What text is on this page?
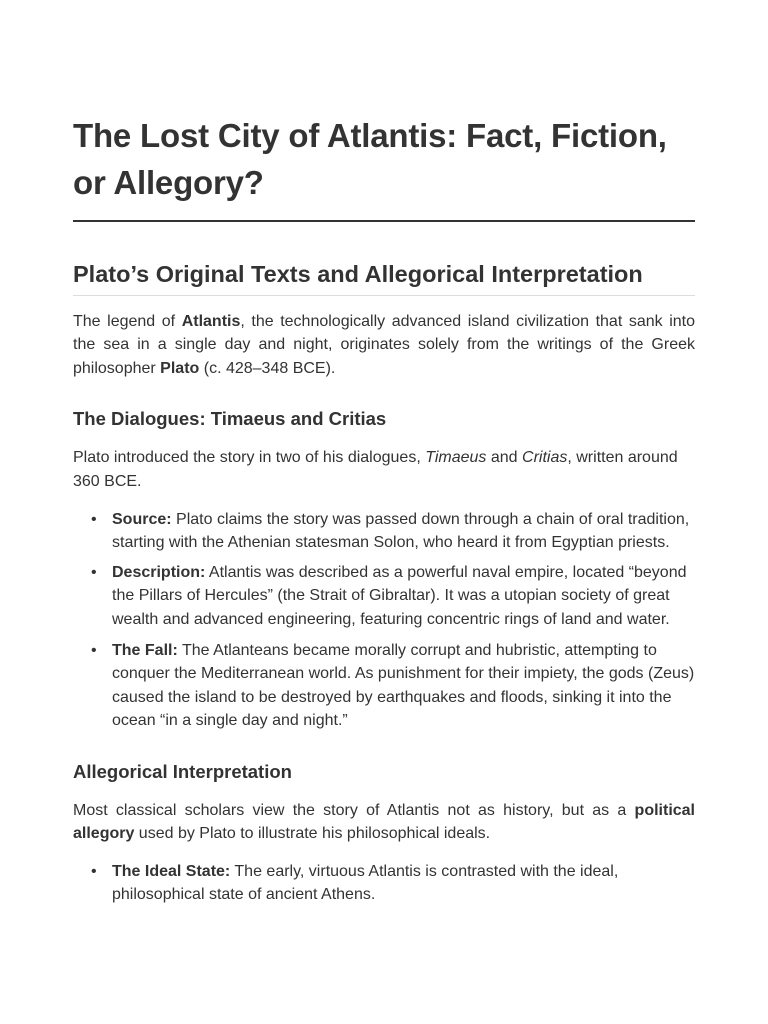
The Lost City of Atlantis: Fact, Fiction, or Allegory?
Plato’s Original Texts and Allegorical Interpretation

The legend of Atlantis, the technologically advanced island civilization that sank into the sea in a single day and night, originates solely from the writings of the Greek philosopher Plato (c. 428–348 BCE).

The Dialogues: Timaeus and Critias

Plato introduced the story in two of his dialogues, Timaeus and Critias, written around 360 BCE.

• Source: Plato claims the story was passed down through a chain of oral tradition, starting with the Athenian statesman Solon, who heard it from Egyptian priests.
• Description: Atlantis was described as a powerful naval empire, located “beyond the Pillars of Hercules” (the Strait of Gibraltar). It was a utopian society of great wealth and advanced engineering, featuring concentric rings of land and water.
• The Fall: The Atlanteans became morally corrupt and hubristic, attempting to conquer the Mediterranean world. As punishment for their impiety, the gods (Zeus) caused the island to be destroyed by earthquakes and floods, sinking it into the ocean “in a single day and night.”
Allegorical Interpretation

Most classical scholars view the story of Atlantis not as history, but as a political allegory used by Plato to illustrate his philosophical ideals.

• The Ideal State: The early, virtuous Atlantis is contrasted with the ideal, philosophical state of ancient Athens.
